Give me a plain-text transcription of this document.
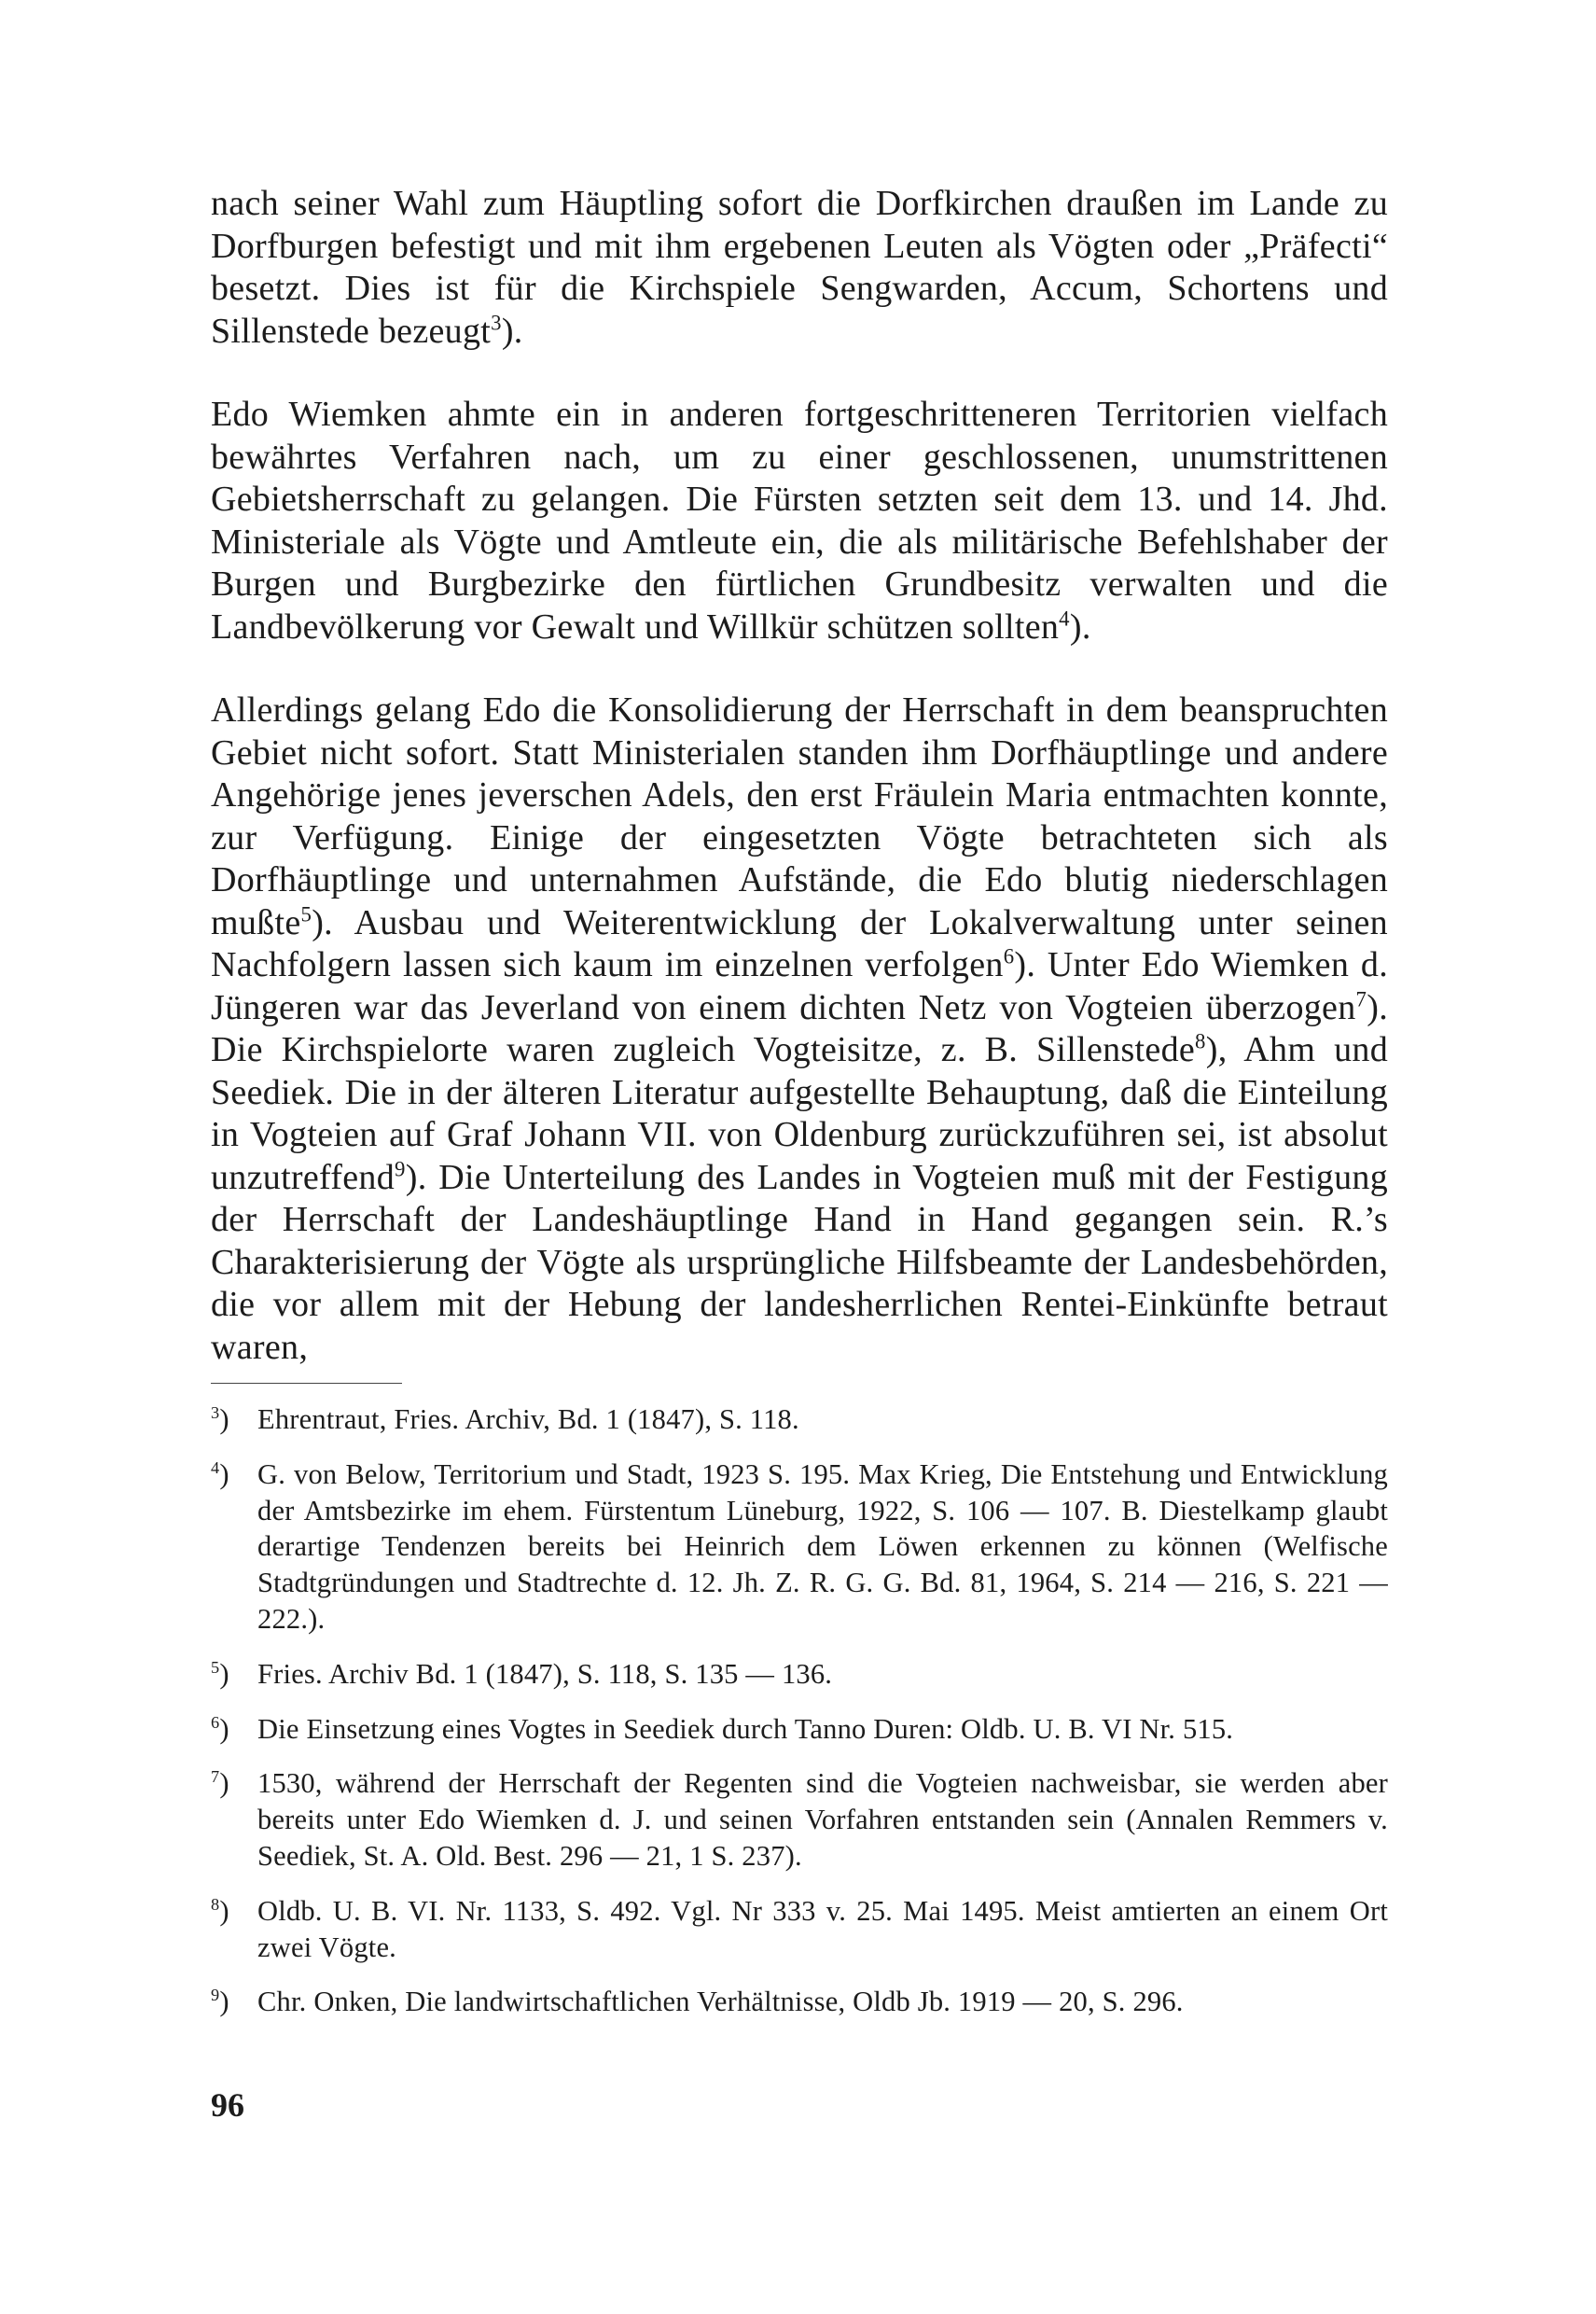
nach seiner Wahl zum Häuptling sofort die Dorfkirchen draußen im Lande zu Dorfburgen befestigt und mit ihm ergebenen Leuten als Vögten oder „Präfecti“ besetzt. Dies ist für die Kirchspiele Sengwarden, Accum, Schortens und Sillenstede bezeugt$^3$).

Edo Wiemken ahmte ein in anderen fortgeschritteneren Territorien vielfach bewährtes Verfahren nach, um zu einer geschlossenen, unumstrittenen Gebietsherrschaft zu gelangen. Die Fürsten setzten seit dem 13. und 14. Jhd. Ministeriale als Vögte und Amtleute ein, die als militärische Befehlshaber der Burgen und Burgbezirke den fürtlichen Grundbesitz verwalten und die Landbevölkerung vor Gewalt und Willkür schützen sollten$^4$).

Allerdings gelang Edo die Konsolidierung der Herrschaft in dem beanspruchten Gebiet nicht sofort. Statt Ministerialen standen ihm Dorfhäuptlinge und andere Angehörige jenes jeverschen Adels, den erst Fräulein Maria entmachten konnte, zur Verfügung. Einige der eingesetzten Vögte betrachteten sich als Dorfhäuptlinge und unternahmen Aufstände, die Edo blutig niederschlagen mußte$^5$). Ausbau und Weiterentwicklung der Lokalverwaltung unter seinen Nachfolgern lassen sich kaum im einzelnen verfolgen$^6$). Unter Edo Wiemken d. Jüngeren war das Jeverland von einem dichten Netz von Vogteien überzogen$^7$). Die Kirchspielorte waren zugleich Vogteisitze, z. B. Sillenstede$^8$), Ahm und Seediek. Die in der älteren Literatur aufgestellte Behauptung, daß die Einteilung in Vogteien auf Graf Johann VII. von Oldenburg zurückzuführen sei, ist absolut unzutreffend$^9$). Die Unterteilung des Landes in Vogteien muß mit der Festigung der Herrschaft der Landeshäuptlinge Hand in Hand gegangen sein. R.’s Charakterisierung der Vögte als ursprüngliche Hilfsbeamte der Landesbehörden, die vor allem mit der Hebung der landesherrlichen Rentei-Einkünfte betraut waren,

$^3$) Ehrentraut, Fries. Archiv, Bd. 1 (1847), S. 118.
$^4$) G. von Below, Territorium und Stadt, 1923 S. 195. Max Krieg, Die Entstehung und Entwicklung der Amtsbezirke im ehem. Fürstentum Lüneburg, 1922, S. 106 — 107. B. Diestelkamp glaubt derartige Tendenzen bereits bei Heinrich dem Löwen erkennen zu können (Welfische Stadtgründungen und Stadtrechte d. 12. Jh. Z. R. G. G. Bd. 81, 1964, S. 214 — 216, S. 221 — 222.).
$^5$) Fries. Archiv Bd. 1 (1847), S. 118, S. 135 — 136.
$^6$) Die Einsetzung eines Vogtes in Seediek durch Tanno Duren: Oldb. U. B. VI Nr. 515.
$^7$) 1530, während der Herrschaft der Regenten sind die Vogteien nachweisbar, sie werden aber bereits unter Edo Wiemken d. J. und seinen Vorfahren entstanden sein (Annalen Remmers v. Seediek, St. A. Old. Best. 296 — 21, 1 S. 237).
$^8$) Oldb. U. B. VI. Nr. 1133, S. 492. Vgl. Nr 333 v. 25. Mai 1495. Meist amtierten an einem Ort zwei Vögte.
$^9$) Chr. Onken, Die landwirtschaftlichen Verhältnisse, Oldb Jb. 1919 — 20, S. 296.
96
